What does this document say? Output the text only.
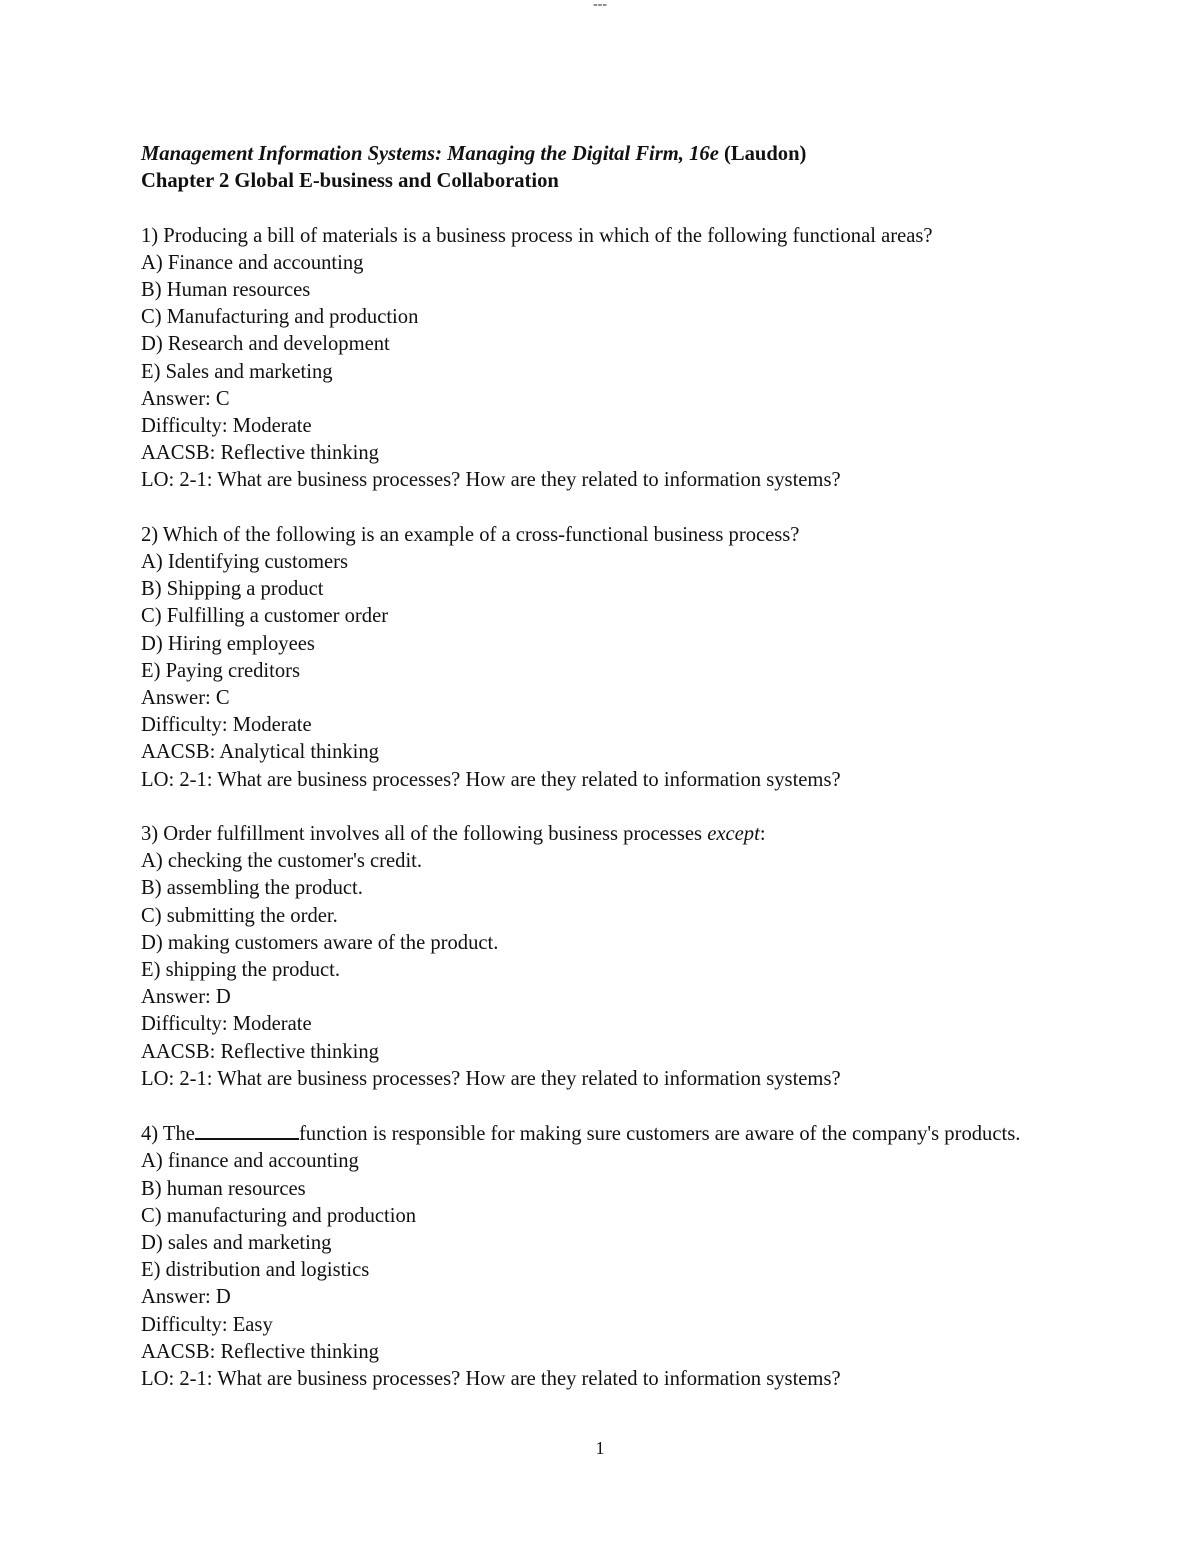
---
Management Information Systems: Managing the Digital Firm, 16e (Laudon)
Chapter 2 Global E-business and Collaboration
1) Producing a bill of materials is a business process in which of the following functional areas?
A) Finance and accounting
B) Human resources
C) Manufacturing and production
D) Research and development
E) Sales and marketing
Answer: C
Difficulty: Moderate
AACSB: Reflective thinking
LO: 2-1: What are business processes? How are they related to information systems?
2) Which of the following is an example of a cross-functional business process?
A) Identifying customers
B) Shipping a product
C) Fulfilling a customer order
D) Hiring employees
E) Paying creditors
Answer: C
Difficulty: Moderate
AACSB: Analytical thinking
LO: 2-1: What are business processes? How are they related to information systems?
3) Order fulfillment involves all of the following business processes except:
A) checking the customer's credit.
B) assembling the product.
C) submitting the order.
D) making customers aware of the product.
E) shipping the product.
Answer: D
Difficulty: Moderate
AACSB: Reflective thinking
LO: 2-1: What are business processes? How are they related to information systems?
4) The	function is responsible for making sure customers are aware of the company's products.
A) finance and accounting
B) human resources
C) manufacturing and production
D) sales and marketing
E) distribution and logistics
Answer: D
Difficulty: Easy
AACSB: Reflective thinking
LO: 2-1: What are business processes? How are they related to information systems?
1
